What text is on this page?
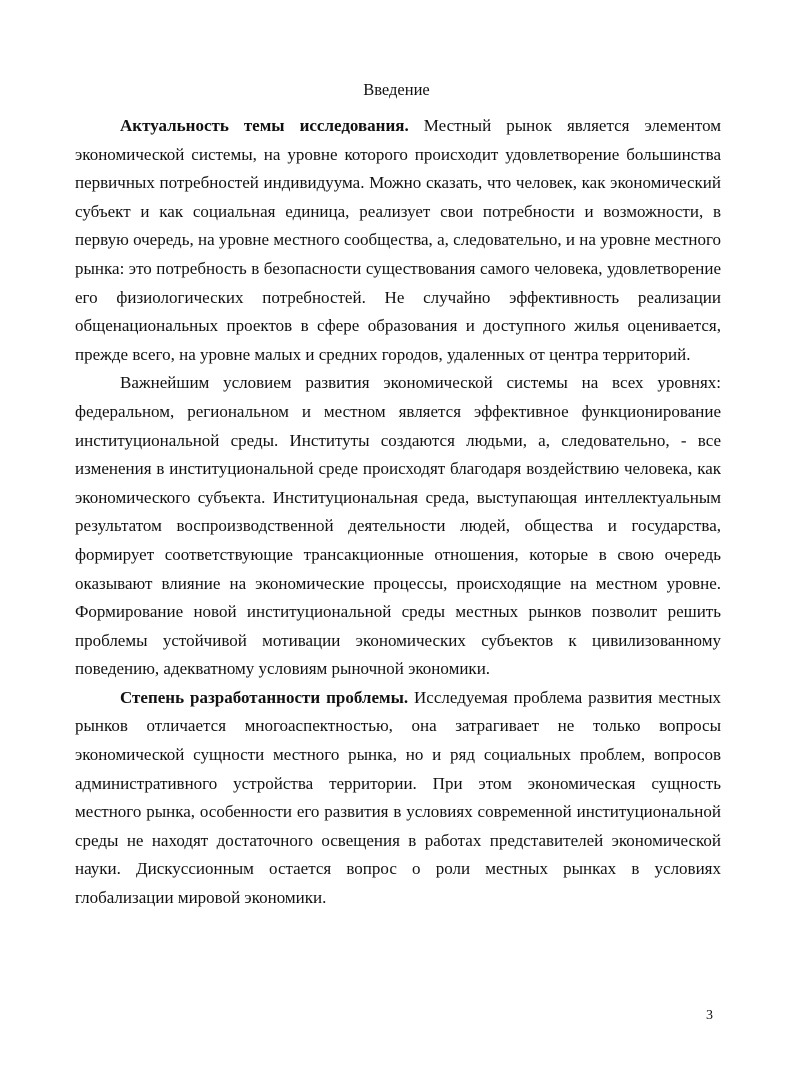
Введение

Актуальность темы исследования. Местный рынок является элементом экономической системы, на уровне которого происходит удовлетворение большинства первичных потребностей индивидуума. Можно сказать, что человек, как экономический субъект и как социальная единица, реализует свои потребности и возможности, в первую очередь, на уровне местного сообщества, а, следовательно, и на уровне местного рынка: это потребность в безопасности существования самого человека, удовлетворение его физиологических потребностей. Не случайно эффективность реализации общенациональных проектов в сфере образования и доступного жилья оценивается, прежде всего, на уровне малых и средних городов, удаленных от центра территорий.

Важнейшим условием развития экономической системы на всех уровнях: федеральном, региональном и местном является эффективное функционирование институциональной среды. Институты создаются людьми, а, следовательно, - все изменения в институциональной среде происходят благодаря воздействию человека, как экономического субъекта. Институциональная среда, выступающая интеллектуальным результатом воспроизводственной деятельности людей, общества и государства, формирует соответствующие трансакционные отношения, которые в свою очередь оказывают влияние на экономические процессы, происходящие на местном уровне. Формирование новой институциональной среды местных рынков позволит решить проблемы устойчивой мотивации экономических субъектов к цивилизованному поведению, адекватному условиям рыночной экономики.

Степень разработанности проблемы. Исследуемая проблема развития местных рынков отличается многоаспектностью, она затрагивает не только вопросы экономической сущности местного рынка, но и ряд социальных проблем, вопросов административного устройства территории. При этом экономическая сущность местного рынка, особенности его развития в условиях современной институциональной среды не находят достаточного освещения в работах представителей экономической науки. Дискуссионным остается вопрос о роли местных рынках в условиях глобализации мировой экономики.

3
